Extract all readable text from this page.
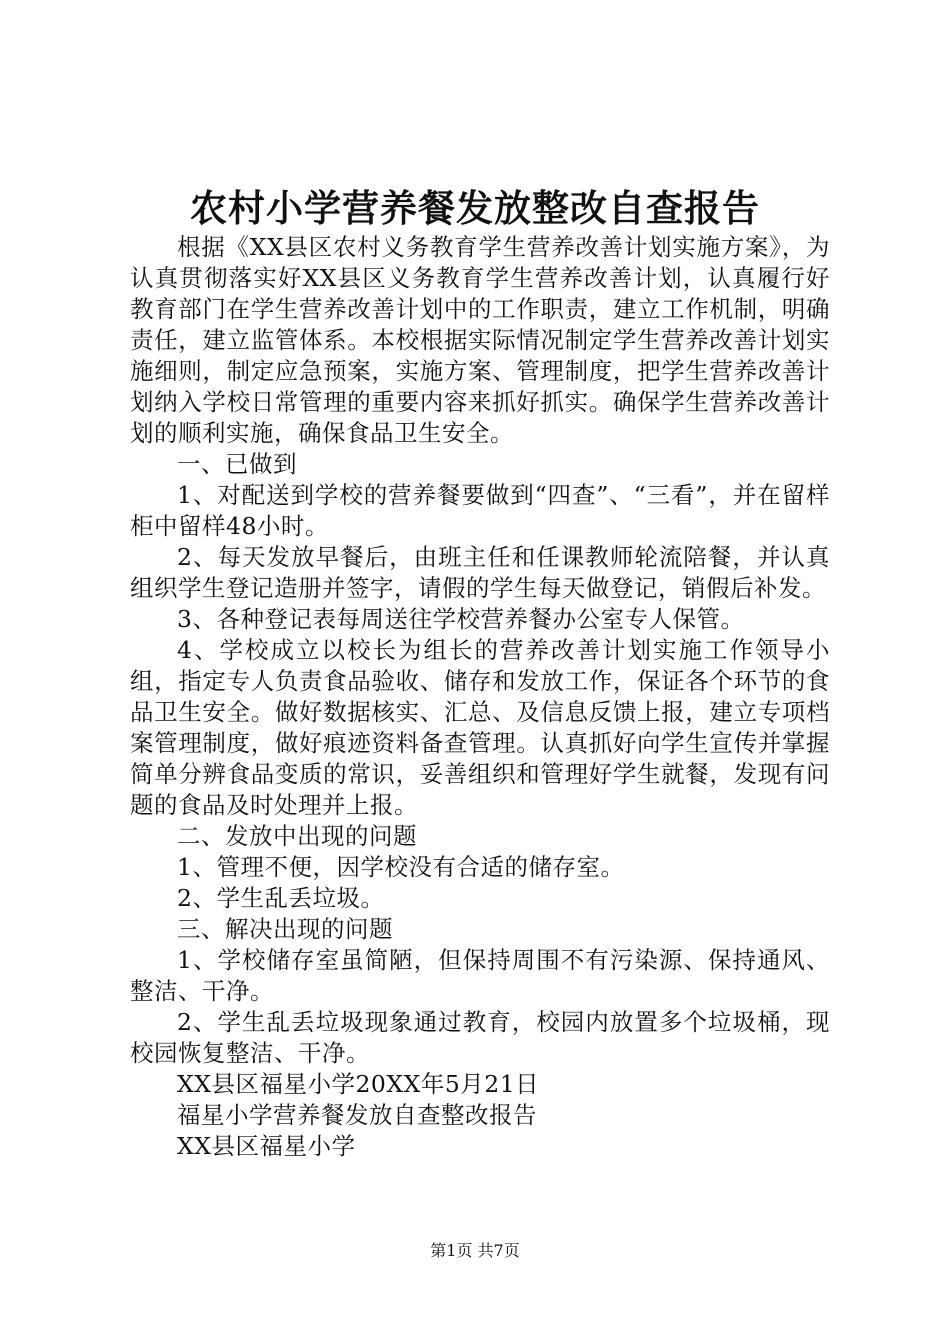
农村小学营养餐发放整改自查报告

根据《XX县区农村义务教育学生营养改善计划实施方案》，为认真贯彻落实好XX县区义务教育学生营养改善计划，认真履行好教育部门在学生营养改善计划中的工作职责，建立工作机制，明确责任，建立监管体系。本校根据实际情况制定学生营养改善计划实施细则，制定应急预案，实施方案、管理制度，把学生营养改善计划纳入学校日常管理的重要内容来抓好抓实。确保学生营养改善计划的顺利实施，确保食品卫生安全。

一、已做到

1、对配送到学校的营养餐要做到“四查”、“三看”，并在留样柜中留样48小时。

2、每天发放早餐后，由班主任和任课教师轮流陪餐，并认真组织学生登记造册并签字，请假的学生每天做登记，销假后补发。

3、各种登记表每周送往学校营养餐办公室专人保管。

4、学校成立以校长为组长的营养改善计划实施工作领导小组，指定专人负责食品验收、储存和发放工作，保证各个环节的食品卫生安全。做好数据核实、汇总、及信息反馈上报，建立专项档案管理制度，做好痕迹资料备查管理。认真抓好向学生宣传并掌握简单分辨食品变质的常识，妥善组织和管理好学生就餐，发现有问题的食品及时处理并上报。

二、发放中出现的问题

1、管理不便，因学校没有合适的储存室。

2、学生乱丢垃圾。

三、解决出现的问题

1、学校储存室虽简陋，但保持周围不有污染源、保持通风、整洁、干净。

2、学生乱丢垃圾现象通过教育，校园内放置多个垃圾桶，现校园恢复整洁、干净。

XX县区福星小学20XX年5月21日

福星小学营养餐发放自查整改报告

XX县区福星小学

第1页 共7页
